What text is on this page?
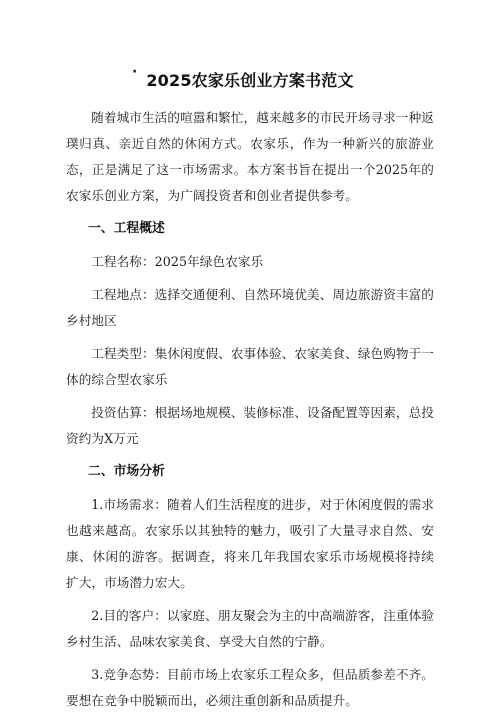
· 2025农家乐创业方案书范文

随着城市生活的喧嚣和繁忙，越来越多的市民开场寻求一种返璞归真、亲近自然的休闲方式。农家乐，作为一种新兴的旅游业态，正是满足了这一市场需求。本方案书旨在提出一个2025年的农家乐创业方案，为广阔投资者和创业者提供参考。

一、工程概述

工程名称：2025年绿色农家乐

工程地点：选择交通便利、自然环境优美、周边旅游资丰富的乡村地区

工程类型：集休闲度假、农事体验、农家美食、绿色购物于一体的综合型农家乐

投资估算：根据场地规模、装修标准、设备配置等因素，总投资约为X万元

二、市场分析

1.市场需求：随着人们生活程度的进步，对于休闲度假的需求也越来越高。农家乐以其独特的魅力，吸引了大量寻求自然、安康、休闲的游客。据调查，将来几年我国农家乐市场规模将持续扩大，市场潜力宏大。

2.目的客户：以家庭、朋友聚会为主的中高端游客，注重体验乡村生活、品味农家美食、享受大自然的宁静。

3.竞争态势：目前市场上农家乐工程众多，但品质参差不齐。要想在竞争中脱颖而出，必须注重创新和品质提升。
